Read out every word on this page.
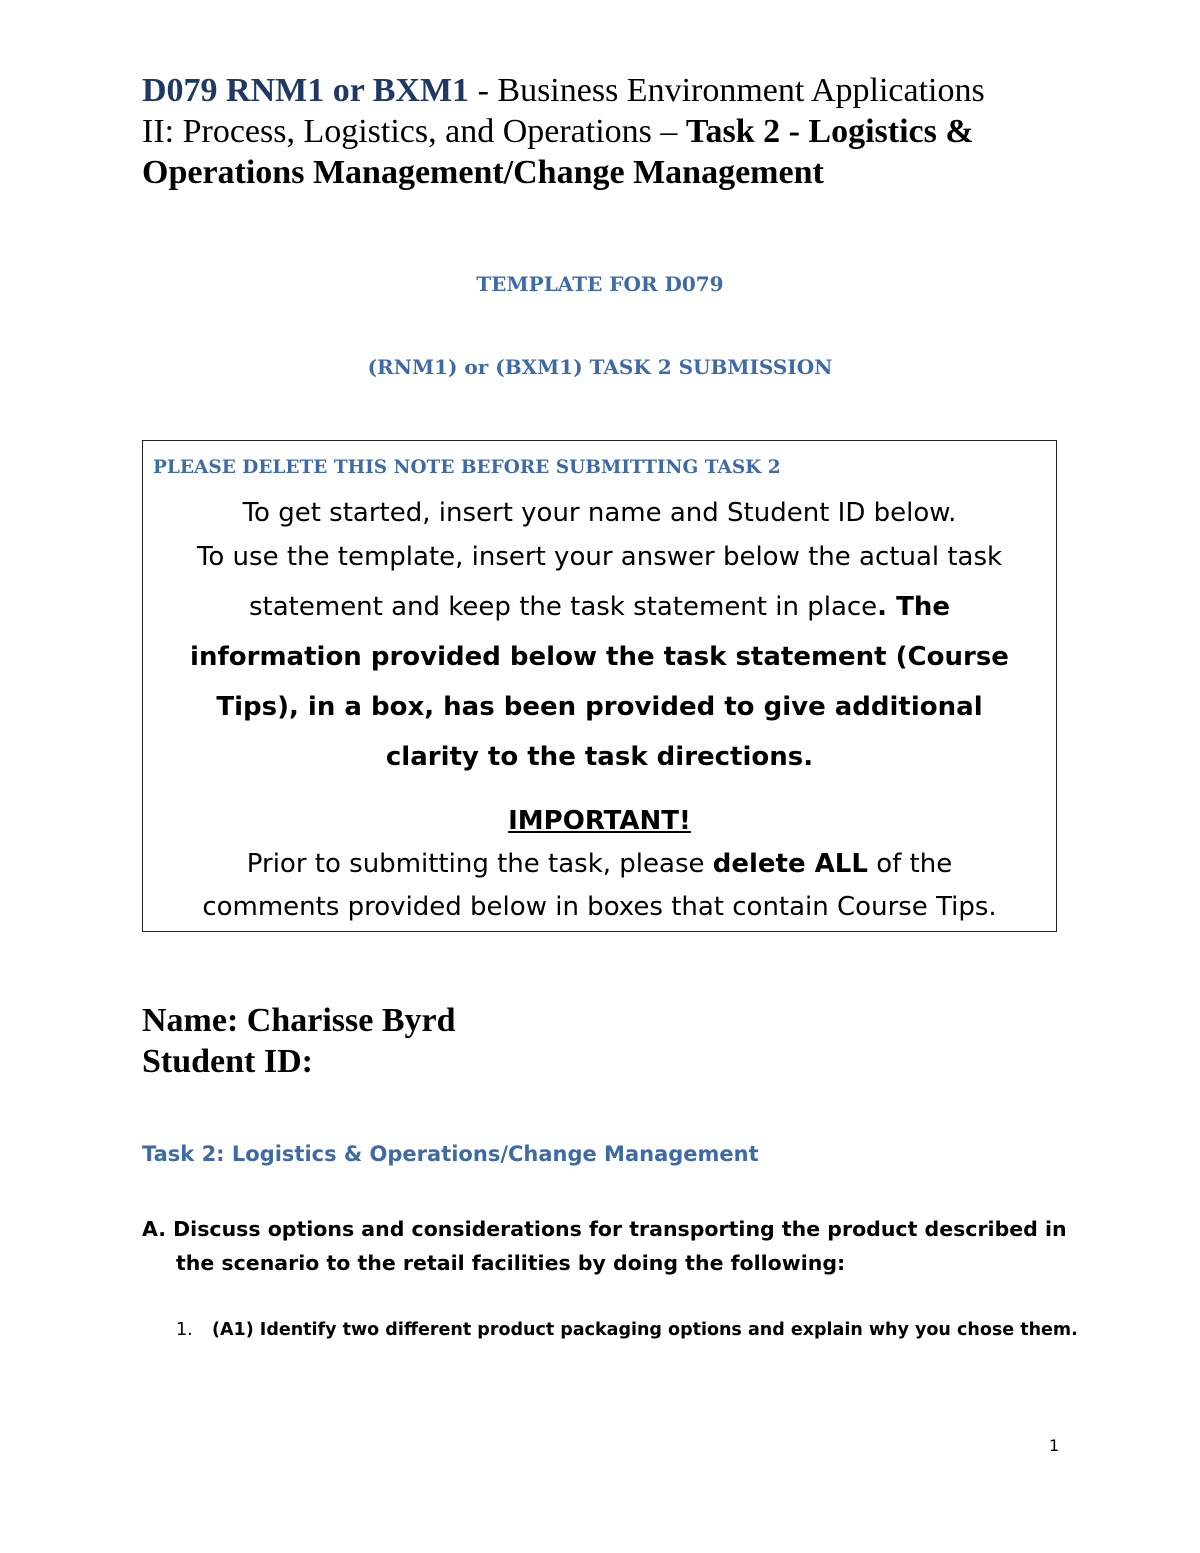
D079 RNM1 or BXM1 - Business Environment Applications
II: Process, Logistics, and Operations – Task 2 - Logistics &
Operations Management/Change Management
TEMPLATE FOR D079
(RNM1) or (BXM1) TASK 2 SUBMISSION
PLEASE DELETE THIS NOTE BEFORE SUBMITTING TASK 2
To get started, insert your name and Student ID below.
To use the template, insert your answer below the actual task
statement and keep the task statement in place. The
information provided below the task statement (Course
Tips), in a box, has been provided to give additional
clarity to the task directions.
IMPORTANT!
Prior to submitting the task, please delete ALL of the
comments provided below in boxes that contain Course Tips.
Name: Charisse Byrd
Student ID:
Task 2: Logistics & Operations/Change Management
A. Discuss options and considerations for transporting the product described in
the scenario to the retail facilities by doing the following:
1. (A1) Identify two different product packaging options and explain why you chose them.
1
